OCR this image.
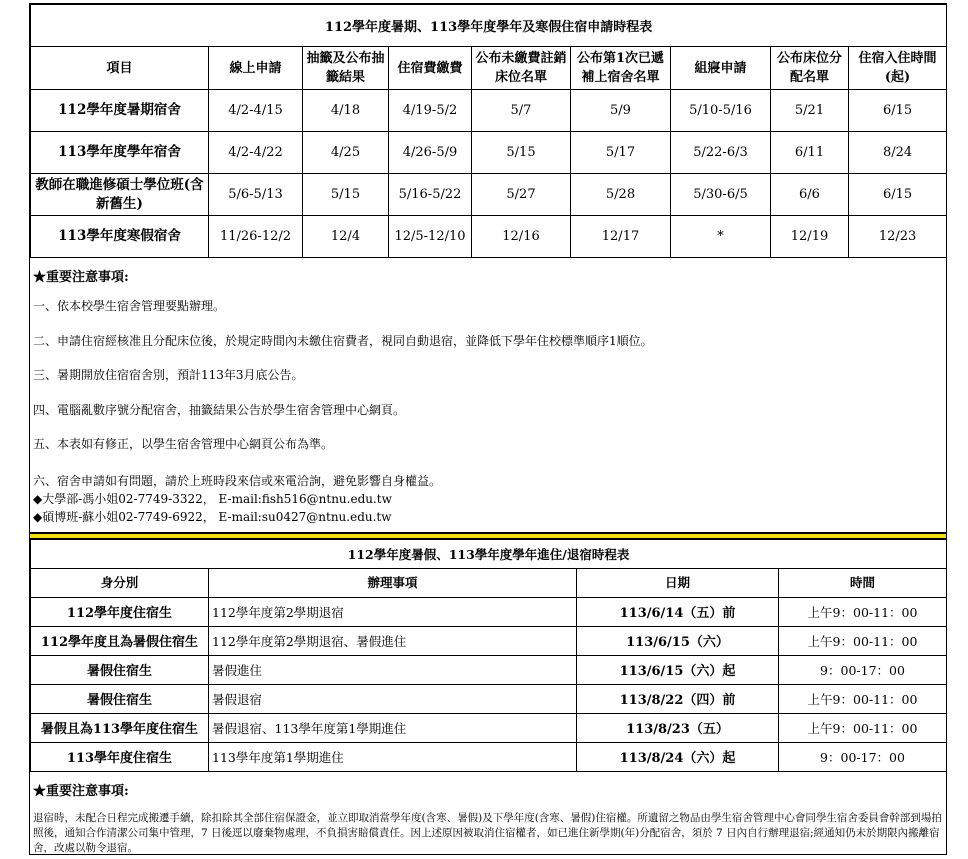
112學年度暑期、113學年度學年及寒假住宿申請時程表								
項目	線上申請	抽籤及公布抽籤結果	住宿費繳費	公布未繳費註銷床位名單	公布第1次已遞補上宿舍名單	組寢申請	公布床位分配名單	住宿入住時間(起)
112學年度暑期宿舍	4/2-4/15	4/18	4/19-5/2	5/7	5/9	5/10-5/16	5/21	6/15
113學年度學年宿舍	4/2-4/22	4/25	4/26-5/9	5/15	5/17	5/22-6/3	6/11	8/24
教師在職進修碩士學位班(含新舊生)	5/6-5/13	5/15	5/16-5/22	5/27	5/28	5/30-6/5	6/6	6/15
113學年度寒假宿舍	11/26-12/2	12/4	12/5-12/10	12/16	12/17	*	12/19	12/23
★重要注意事項:
一、依本校學生宿舍管理要點辦理。
二、申請住宿經核准且分配床位後，於規定時間內未繳住宿費者，視同自動退宿，並降低下學年住校標準順序1順位。
三、暑期開放住宿宿舍別，預計113年3月底公告。
四、電腦亂數序號分配宿舍，抽籤結果公告於學生宿舍管理中心網頁。
五、本表如有修正，以學生宿舍管理中心網頁公布為準。
六、宿舍申請如有問題，請於上班時段來信或來電洽詢，避免影響自身權益。
◆大學部-馮小姐02-7749-3322， E-mail:fish516@ntnu.edu.tw
◆碩博班-蘇小姐02-7749-6922， E-mail:su0427@ntnu.edu.tw
112學年度暑假、113學年度學年進住/退宿時程表			
身分別	辦理事項	日期	時間
112學年度住宿生	112學年度第2學期退宿	113/6/14（五）前	上午9：00-11：00
112學年度且為暑假住宿生	112學年度第2學期退宿、暑假進住	113/6/15（六）	上午9：00-11：00
暑假住宿生	暑假進住	113/6/15（六）起	9：00-17：00
暑假住宿生	暑假退宿	113/8/22（四）前	上午9：00-11：00
暑假且為113學年度住宿生	暑假退宿、113學年度第1學期進住	113/8/23（五）	上午9：00-11：00
113學年度住宿生	113學年度第1學期進住	113/8/24（六）起	9：00-17：00
★重要注意事項:
退宿時，未配合日程完成搬遷手續，除扣除其全部住宿保證金，並立即取消當學年度(含寒、暑假)及下學年度(含寒、暑假)住宿權。所遺留之物品由學生宿舍管理中心會同學生宿舍委員會幹部到場拍照後，通知合作清潔公司集中管理，7 日後逕以廢棄物處理，不負損害賠償責任。因上述原因被取消住宿權者，如已進住新學期(年)分配宿舍，須於 7 日內自行辦理退宿;經通知仍未於期限內搬離宿舍，改處以勒令退宿。
